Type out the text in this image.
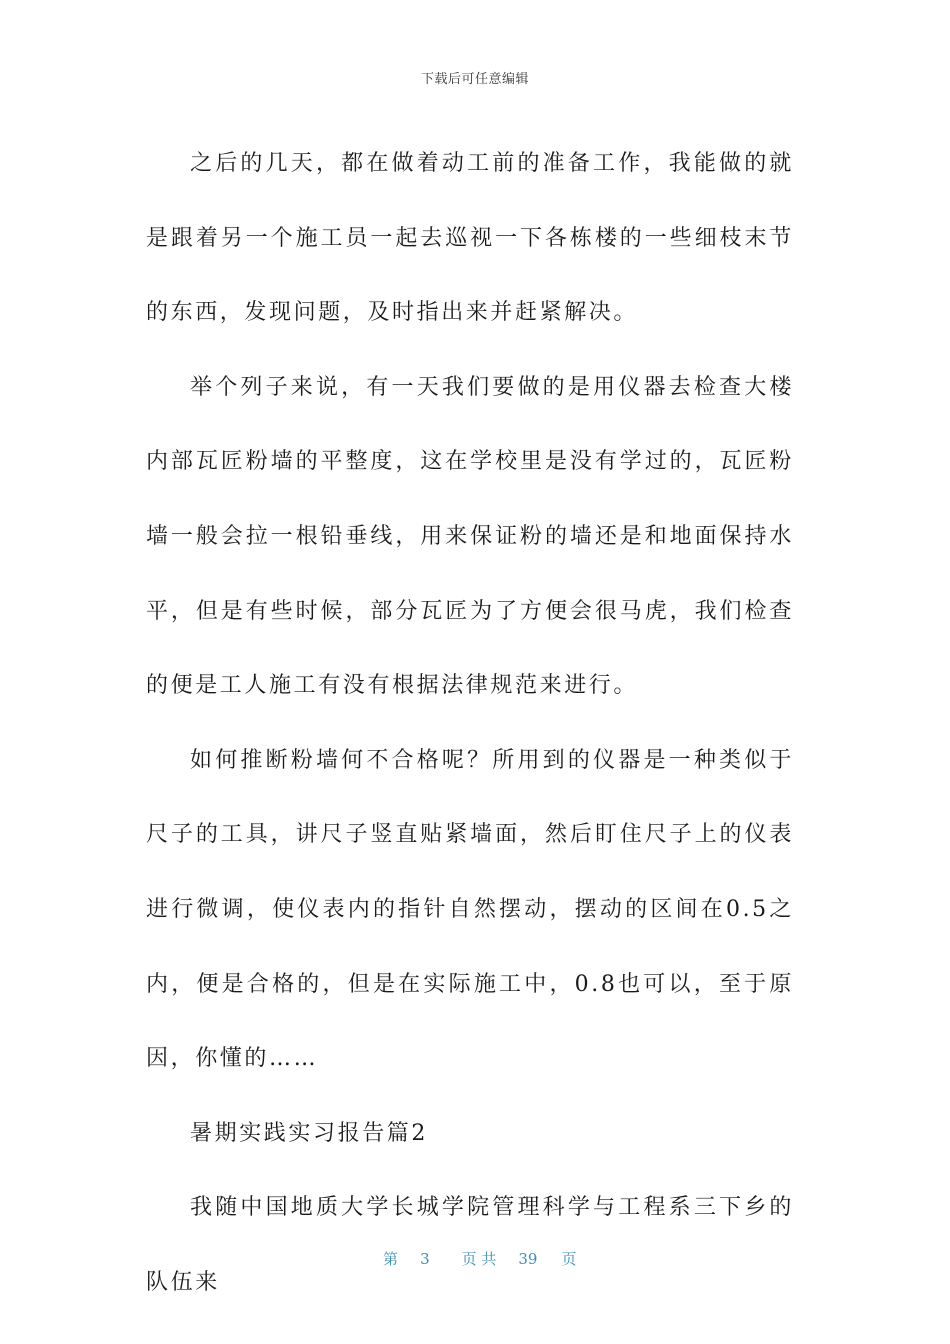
下载后可任意编辑

之后的几天，都在做着动工前的准备工作，我能做的就是跟着另一个施工员一起去巡视一下各栋楼的一些细枝末节的东西，发现问题，及时指出来并赶紧解决。

举个列子来说，有一天我们要做的是用仪器去检查大楼内部瓦匠粉墙的平整度，这在学校里是没有学过的，瓦匠粉墙一般会拉一根铅垂线，用来保证粉的墙还是和地面保持水平，但是有些时候，部分瓦匠为了方便会很马虎，我们检查的便是工人施工有没有根据法律规范来进行。

如何推断粉墙何不合格呢？所用到的仪器是一种类似于尺子的工具，讲尺子竖直贴紧墙面，然后盯住尺子上的仪表进行微调，使仪表内的指针自然摆动，摆动的区间在0.5之内，便是合格的，但是在实际施工中，0.8也可以，至于原因，你懂的……

暑期实践实习报告篇2

我随中国地质大学长城学院管理科学与工程系三下乡的队伍来

第 3 页 共 39 页
